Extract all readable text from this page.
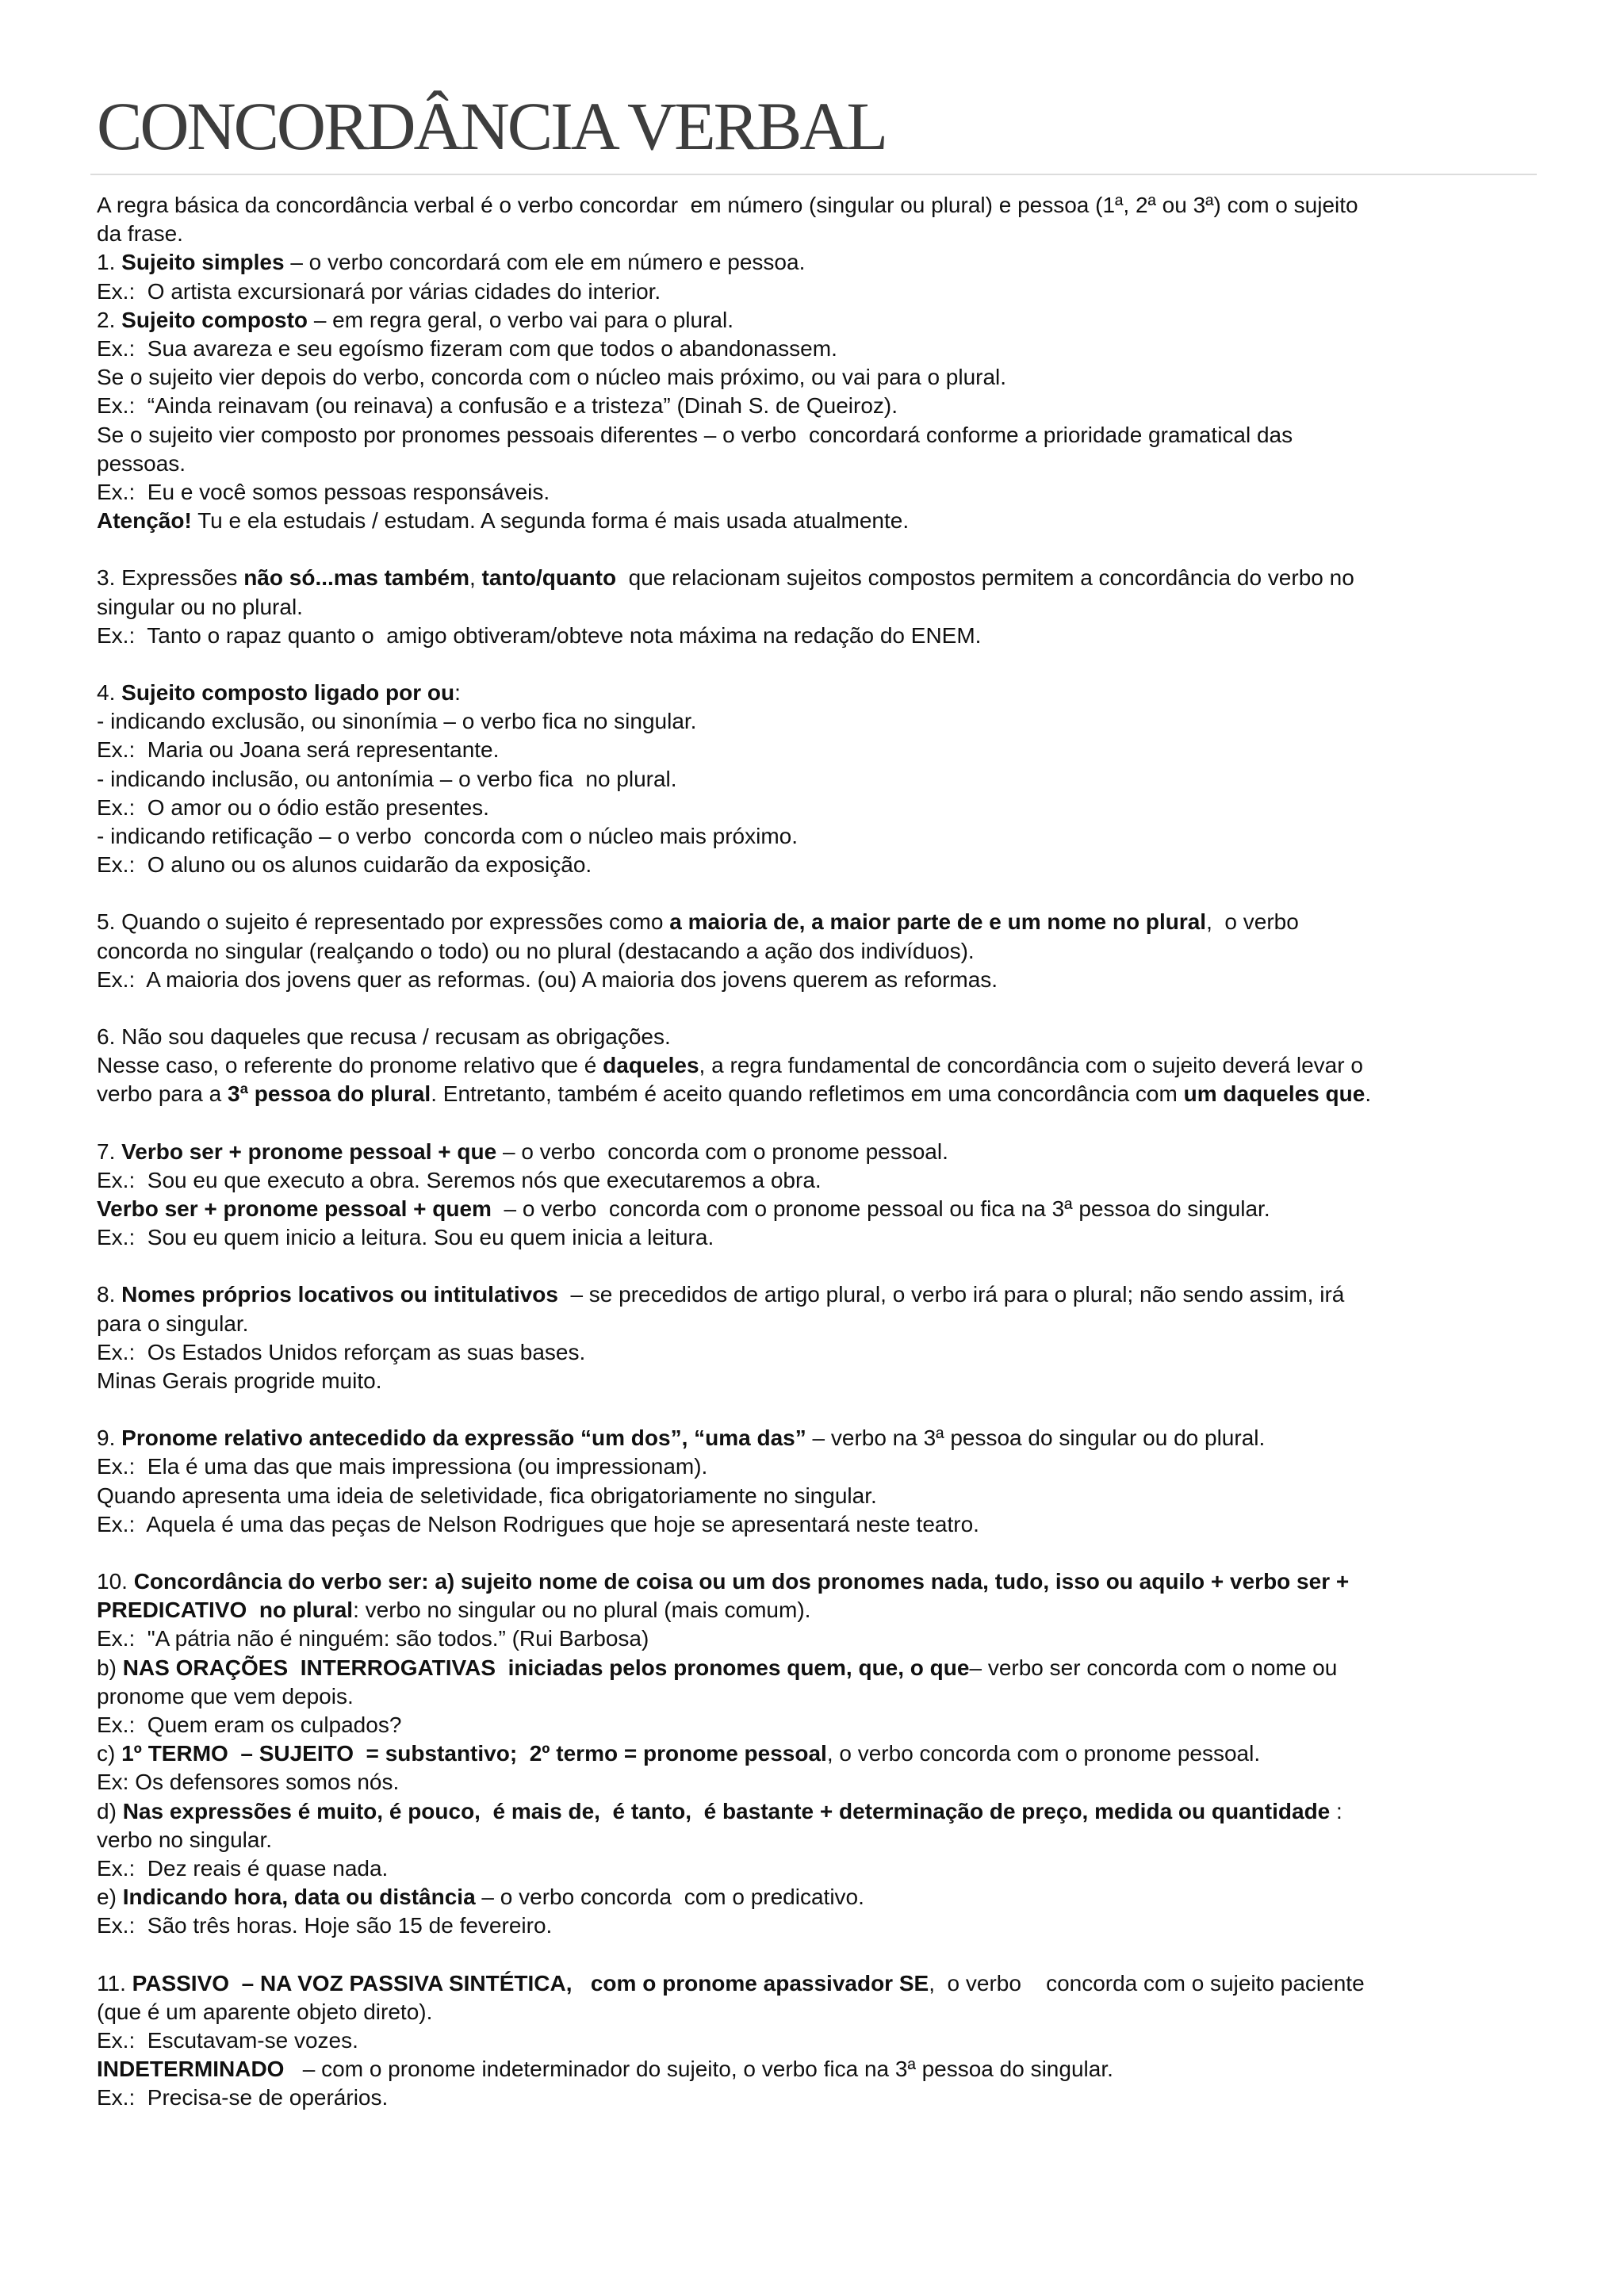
CONCORDÂNCIA VERBAL

A regra básica da concordância verbal é o verbo concordar  em número (singular ou plural) e pessoa (1ª, 2ª ou 3ª) com o sujeito

da frase.

1. Sujeito simples – o verbo concordará com ele em número e pessoa.

Ex.:  O artista excursionará por várias cidades do interior.

2. Sujeito composto – em regra geral, o verbo vai para o plural.

Ex.:  Sua avareza e seu egoísmo fizeram com que todos o abandonassem.

Se o sujeito vier depois do verbo, concorda com o núcleo mais próximo, ou vai para o plural.

Ex.:  “Ainda reinavam (ou reinava) a confusão e a tristeza” (Dinah S. de Queiroz).

Se o sujeito vier composto por pronomes pessoais diferentes – o verbo  concordará conforme a prioridade gramatical das

pessoas.

Ex.:  Eu e você somos pessoas responsáveis.

Atenção! Tu e ela estudais / estudam. A segunda forma é mais usada atualmente.

3. Expressões não só...mas também, tanto/quanto  que relacionam sujeitos compostos permitem a concordância do verbo no

singular ou no plural.

Ex.:  Tanto o rapaz quanto o  amigo obtiveram/obteve nota máxima na redação do ENEM.

4. Sujeito composto ligado por ou:

- indicando exclusão, ou sinonímia – o verbo fica no singular.

Ex.:  Maria ou Joana será representante.

- indicando inclusão, ou antonímia – o verbo fica  no plural.

Ex.:  O amor ou o ódio estão presentes.

- indicando retificação – o verbo  concorda com o núcleo mais próximo.

Ex.:  O aluno ou os alunos cuidarão da exposição.

5. Quando o sujeito é representado por expressões como a maioria de, a maior parte de e um nome no plural,  o verbo

concorda no singular (realçando o todo) ou no plural (destacando a ação dos indivíduos).

Ex.:  A maioria dos jovens quer as reformas. (ou) A maioria dos jovens querem as reformas.

6. Não sou daqueles que recusa / recusam as obrigações.

Nesse caso, o referente do pronome relativo que é daqueles, a regra fundamental de concordância com o sujeito deverá levar o

verbo para a 3ª pessoa do plural. Entretanto, também é aceito quando refletimos em uma concordância com um daqueles que.

7. Verbo ser + pronome pessoal + que – o verbo  concorda com o pronome pessoal.

Ex.:  Sou eu que executo a obra. Seremos nós que executaremos a obra.

Verbo ser + pronome pessoal + quem  – o verbo  concorda com o pronome pessoal ou fica na 3ª pessoa do singular.

Ex.:  Sou eu quem inicio a leitura. Sou eu quem inicia a leitura.

8. Nomes próprios locativos ou intitulativos  – se precedidos de artigo plural, o verbo irá para o plural; não sendo assim, irá

para o singular.

Ex.:  Os Estados Unidos reforçam as suas bases.

Minas Gerais progride muito.

9. Pronome relativo antecedido da expressão “um dos”, “uma das” – verbo na 3ª pessoa do singular ou do plural.

Ex.:  Ela é uma das que mais impressiona (ou impressionam).

Quando apresenta uma ideia de seletividade, fica obrigatoriamente no singular.

Ex.:  Aquela é uma das peças de Nelson Rodrigues que hoje se apresentará neste teatro.

10. Concordância do verbo ser: a) sujeito nome de coisa ou um dos pronomes nada, tudo, isso ou aquilo + verbo ser +

PREDICATIVO  no plural: verbo no singular ou no plural (mais comum).

Ex.:  "A pátria não é ninguém: são todos.” (Rui Barbosa)

b) NAS ORAÇÕES  INTERROGATIVAS  iniciadas pelos pronomes quem, que, o que– verbo ser concorda com o nome ou

pronome que vem depois.

Ex.:  Quem eram os culpados?

c) 1º TERMO  – SUJEITO  = substantivo;  2º termo = pronome pessoal, o verbo concorda com o pronome pessoal.

Ex: Os defensores somos nós.

d) Nas expressões é muito, é pouco,  é mais de,  é tanto,  é bastante + determinação de preço, medida ou quantidade :

verbo no singular.

Ex.:  Dez reais é quase nada.

e) Indicando hora, data ou distância – o verbo concorda  com o predicativo.

Ex.:  São três horas. Hoje são 15 de fevereiro.

11. PASSIVO  – NA VOZ PASSIVA SINTÉTICA,   com o pronome apassivador SE,  o verbo    concorda com o sujeito paciente

(que é um aparente objeto direto).

Ex.:  Escutavam-se vozes.

INDETERMINADO   – com o pronome indeterminador do sujeito, o verbo fica na 3ª pessoa do singular.

Ex.:  Precisa-se de operários.
